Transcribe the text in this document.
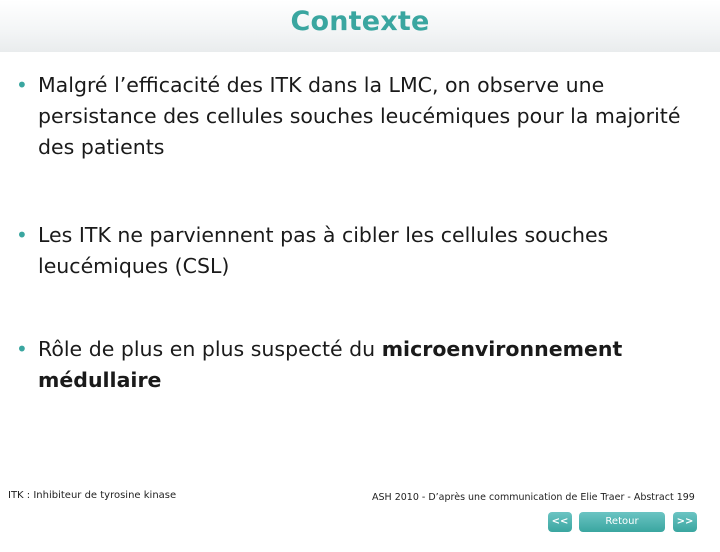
Contexte
• Malgré l’efficacité des ITK dans la LMC, on observe une persistance des cellules souches leucémiques pour la majorité des patients
• Les ITK ne parviennent pas à cibler les cellules souches leucémiques (CSL)
• Rôle de plus en plus suspecté du microenvironnement médullaire
ITK : Inhibiteur de tyrosine kinase	ASH 2010 - D’après une communication de Elie Traer - Abstract 199
<<	Retour sommaire
>>
